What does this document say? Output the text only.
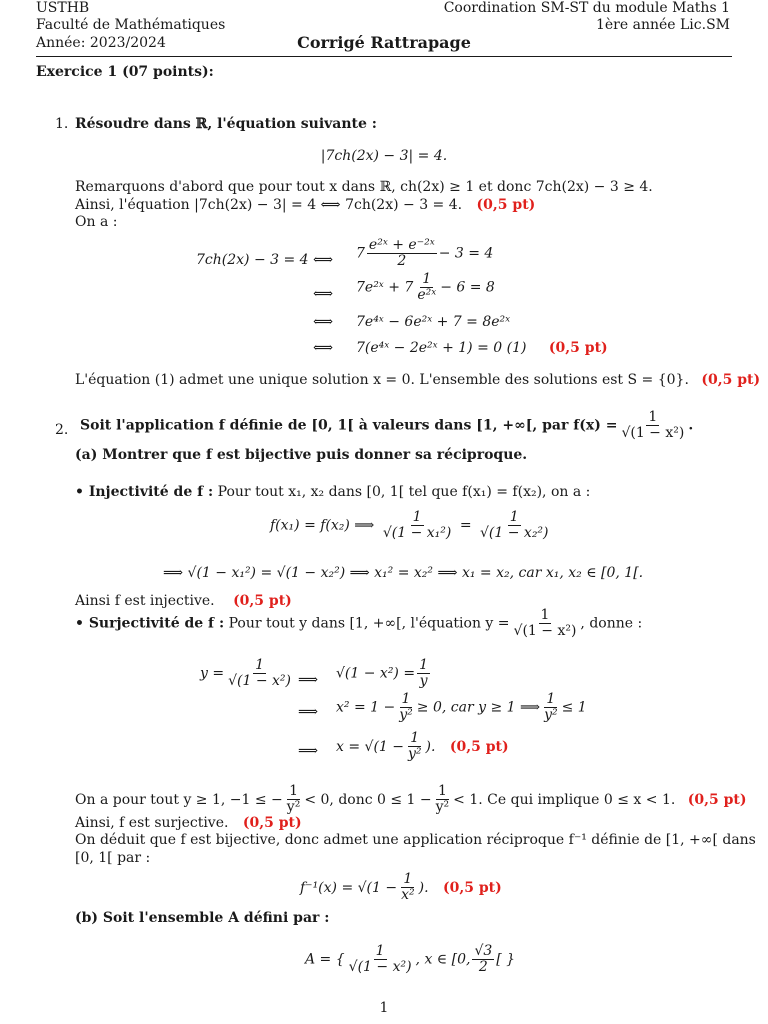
USTHB
Faculté de Mathématiques
Année: 2023/2024
Coordination SM-ST du module Maths 1
1ère année Lic.SM
Corrigé Rattrapage
Exercice 1 (07 points):
1. Résoudre dans ℝ, l'équation suivante :
|7ch(2x) − 3| = 4.
Remarquons d'abord que pour tout x dans ℝ, ch(2x) ≥ 1 et donc 7ch(2x) − 3 ≥ 4.
Ainsi, l'équation |7ch(2x) − 3| = 4 ⟺ 7ch(2x) − 3 = 4. (0,5 pt)
On a :
7ch(2x) − 3 = 4 ⟺ $7 \frac{\text{e²ˣ + e⁻²ˣ}}{2} - 3 = 4$
⟺ 7e²ˣ + $7 \frac{1}{\text{e²ˣ}} - 6 = 8$
⟺ 7e⁴ˣ − 6e²ˣ + 7 = 8e²ˣ
⟺ 7(e⁴ˣ − 2e²ˣ + 1) = 0 (1) (0,5 pt)
L'équation (1) admet une unique solution x = 0. L'ensemble des solutions est S = {0}. (0,5 pt)
2. Soit l'application f définie de [0, 1[ à valeurs dans [1, +∞[, par $f(x) = \frac{1}{\text{√(1 − x²)}}$ .
(a) Montrer que f est bijective puis donner sa réciproque.
• Injectivité de f : Pour tout x₁, x₂ dans [0, 1[ tel que f(x₁) = f(x₂), on a :
f(x₁) = f(x₂) ⟹ $\frac{1}{\text{√(1 − x₁²)}} = \frac{1}{\text{√(1 − x₂²)}}$
⟹ √(1 − x₁²) = √(1 − x₂²) ⟹ x₁² = x₂² ⟹ x₁ = x₂, car x₁, x₂ ∈ [0, 1[.
Ainsi f est injective. (0,5 pt)
• Surjectivité de f : Pour tout y dans [1, +∞[, l'équation $y = \frac{1}{\text{√(1 − x²)}}$ , donne :
$y = \frac{1}{\text{√(1 − x²)}}$ ⟹ $√(1 - x^2) = \frac{1}{y}$
⟹ $x^2 = 1 - \frac{1}{\text{y²}} \ge 0$, car y ≥ 1 ⟹ $\frac{1}{\text{y²}} \le 1$
⟹ $x = √(1 - \frac{1}{\text{y²}}$ ). (0,5 pt)
On a pour tout y ≥ 1, −1 ≤ − $\frac{1}{\text{y²}} < 0$, donc $0 \le 1 - \frac{1}{\text{y²}} < 1$. Ce qui implique 0 ≤ x < 1. (0,5 pt)
Ainsi, f est surjective. (0,5 pt)
On déduit que f est bijective, donc admet une application réciproque f⁻¹ définie de [1, +∞[ dans
[0, 1[ par :
$f^{-1}(x) = √(1 - \frac{1}{\text{x²}}$ ). (0,5 pt)
(b) Soit l'ensemble A défini par :
A = { $\frac{1}{\text{√(1 − x²)}}$ , x ∈ [0, $\frac{√3}{2}$ [ }
1
